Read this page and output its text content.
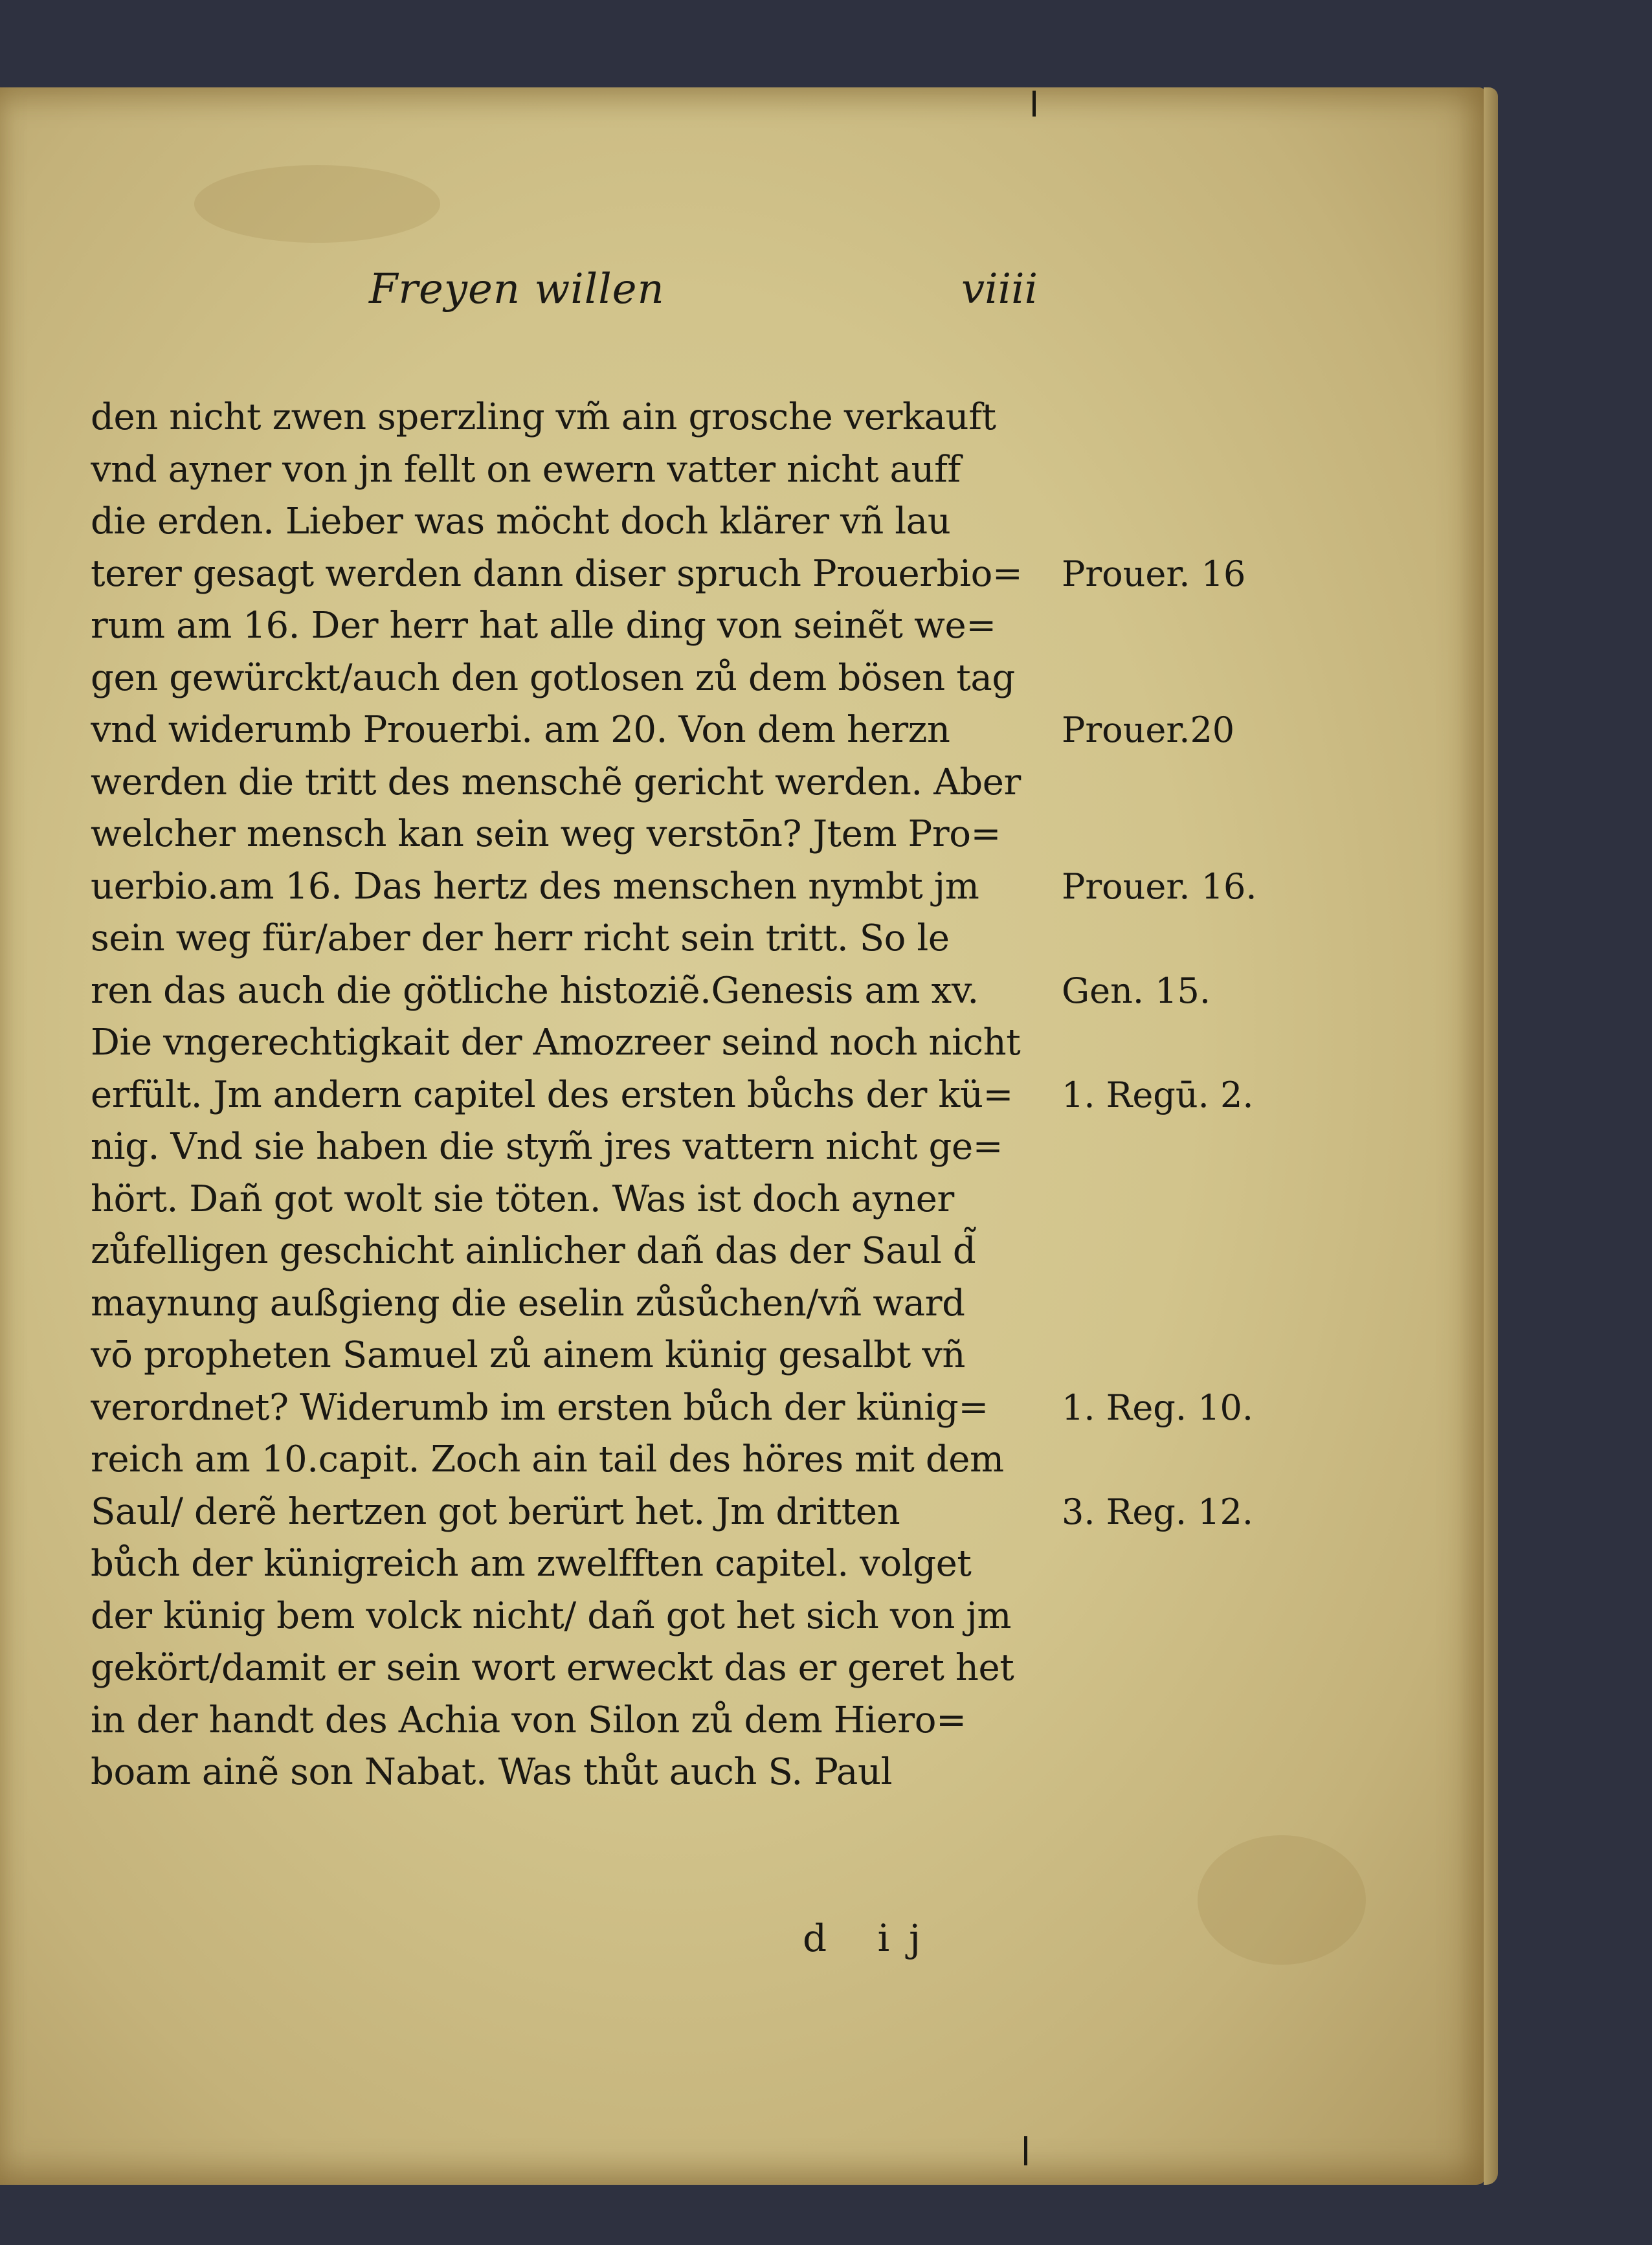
Freyen willen	viiii
den nicht zwen sperzling vm̃ ain grosche verkauft
vnd ayner von jn fellt on ewern vatter nicht auff
die erden. Lieber was möcht doch klärer vñ lau
terer gesagt werden dann diser spruch Prouerbio=
rum am 16. Der herr hat alle ding von seinẽt we=
gen gewürckt/auch den gotlosen zů dem bösen tag
vnd widerumb Prouerbi. am 20. Von dem herzn
werden die tritt des menschẽ gericht werden. Aber
welcher mensch kan sein weg verstōn? Jtem Pro=
uerbio.am 16. Das hertz des menschen nymbt jm
sein weg für/aber der herr richt sein tritt. So le
ren das auch die götliche histoziẽ.Genesis am xv.
Die vngerechtigkait der Amozreer seind noch nicht
erfült. Jm andern capitel des ersten bůchs der kü=
nig. Vnd sie haben die stym̃ jres vattern nicht ge=
hört. Dañ got wolt sie töten. Was ist doch ayner
zůfelligen geschicht ainlicher dañ das der Saul d̃
maynung außgieng die eselin zůsůchen/vñ ward
vō propheten Samuel zů ainem künig gesalbt vñ
verordnet? Widerumb im ersten bůch der künig=
reich am 10.capit. Zoch ain tail des höres mit dem
Saul/ derẽ hertzen got berürt het. Jm dritten
bůch der künigreich am zwelfften capitel. volget
der künig bem volck nicht/ dañ got het sich von jm
gekört/damit er sein wort erweckt das er geret het
in der handt des Achia von Silon zů dem Hiero=
boam ainẽ son Nabat. Was thůt auch S. Paul
Prouer. 16
Prouer.20
Prouer. 16.
Gen. 15.
1. Regū. 2.
1. Reg. 10.
3. Reg. 12.
d ij
